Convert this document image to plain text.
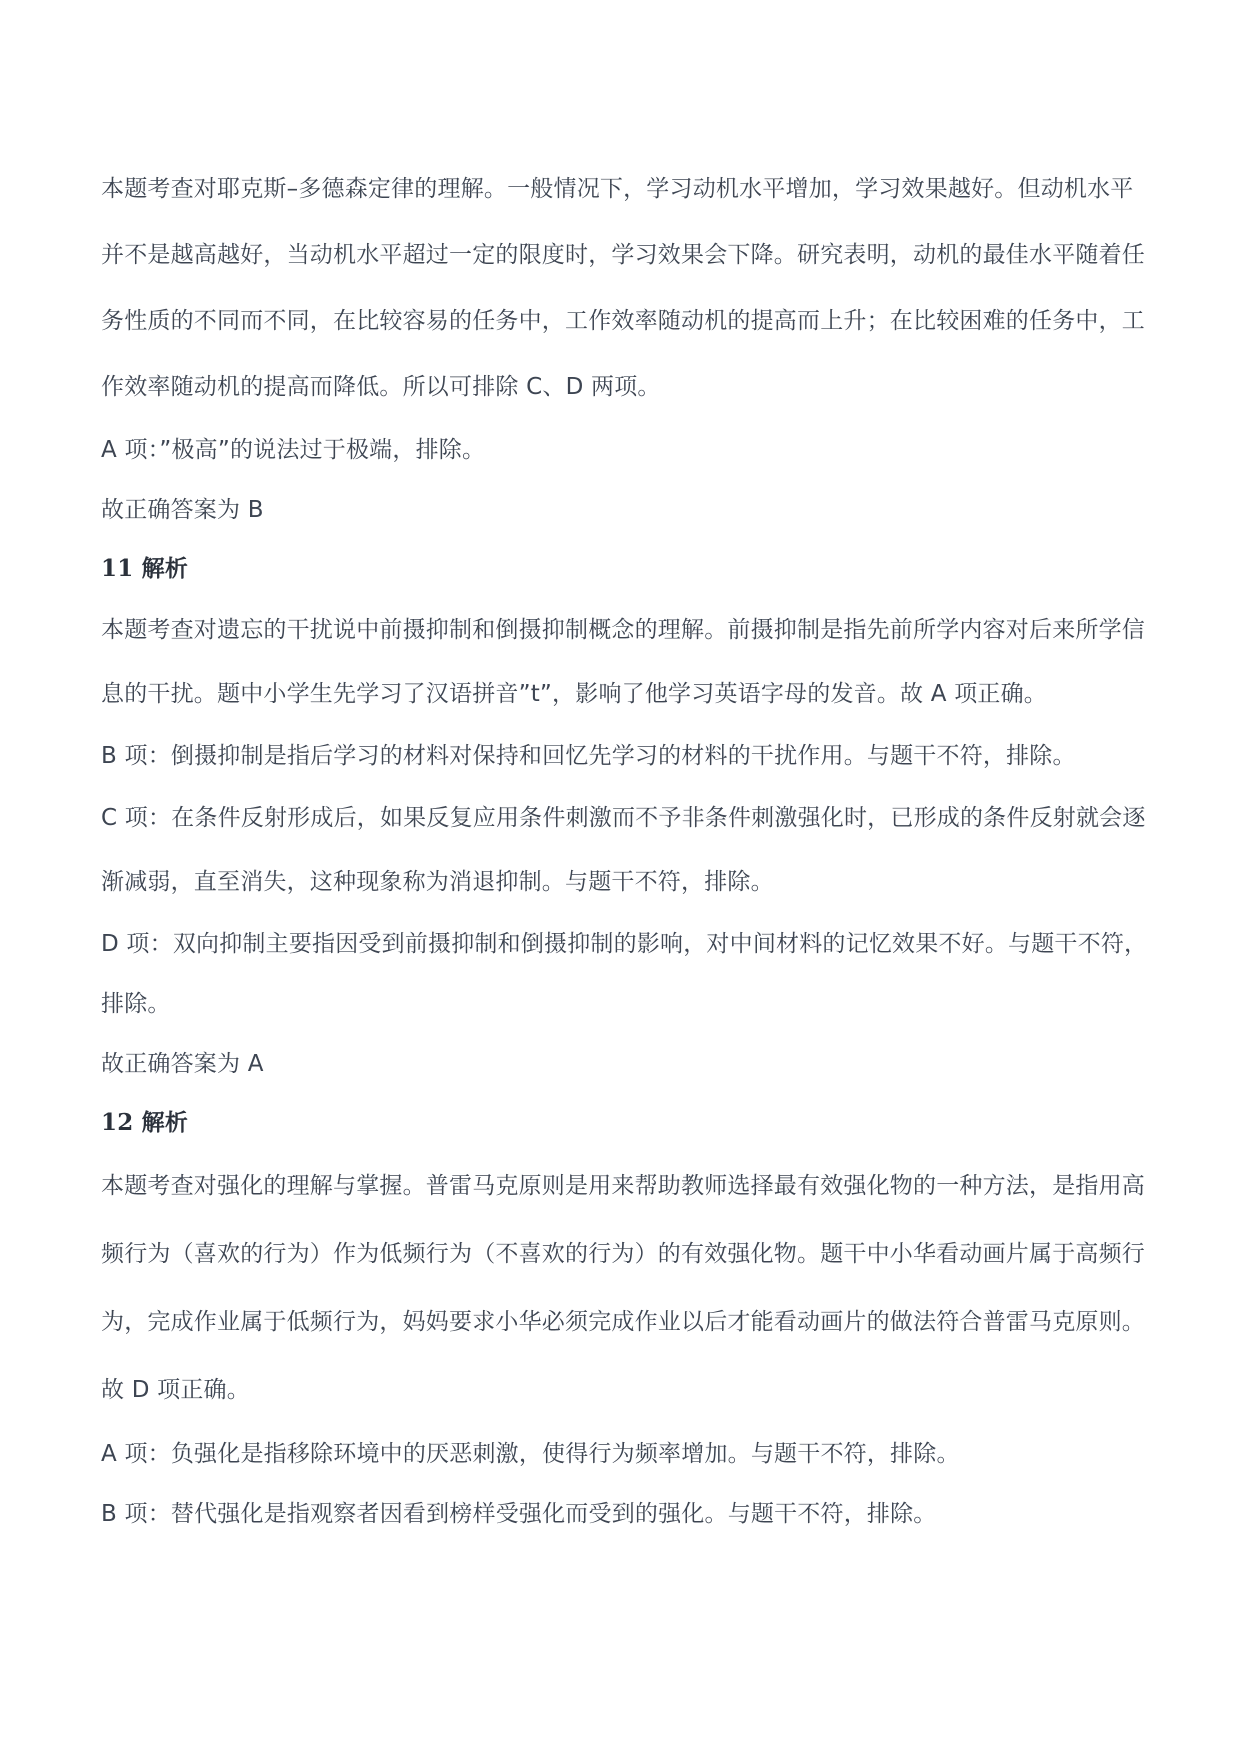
本题考查对耶克斯–多德森定律的理解。一般情况下，学习动机水平增加，学习效果越好。但动机水平并不是越高越好，当动机水平超过一定的限度时，学习效果会下降。研究表明，动机的最佳水平随着任务性质的不同而不同，在比较容易的任务中，工作效率随动机的提高而上升；在比较困难的任务中，工作效率随动机的提高而降低。所以可排除 C、D 两项。

A 项：”极高”的说法过于极端，排除。

故正确答案为 B

11 解析

本题考查对遗忘的干扰说中前摄抑制和倒摄抑制概念的理解。前摄抑制是指先前所学内容对后来所学信息的干扰。题中小学生先学习了汉语拼音”t”，影响了他学习英语字母的发音。故 A 项正确。

B 项：倒摄抑制是指后学习的材料对保持和回忆先学习的材料的干扰作用。与题干不符，排除。

C 项：在条件反射形成后，如果反复应用条件刺激而不予非条件刺激强化时，已形成的条件反射就会逐渐减弱，直至消失，这种现象称为消退抑制。与题干不符，排除。

D 项：双向抑制主要指因受到前摄抑制和倒摄抑制的影响，对中间材料的记忆效果不好。与题干不符，排除。

故正确答案为 A

12 解析

本题考查对强化的理解与掌握。普雷马克原则是用来帮助教师选择最有效强化物的一种方法，是指用高频行为（喜欢的行为）作为低频行为（不喜欢的行为）的有效强化物。题干中小华看动画片属于高频行为，完成作业属于低频行为，妈妈要求小华必须完成作业以后才能看动画片的做法符合普雷马克原则。故 D 项正确。

A 项：负强化是指移除环境中的厌恶刺激，使得行为频率增加。与题干不符，排除。

B 项：替代强化是指观察者因看到榜样受强化而受到的强化。与题干不符，排除。
